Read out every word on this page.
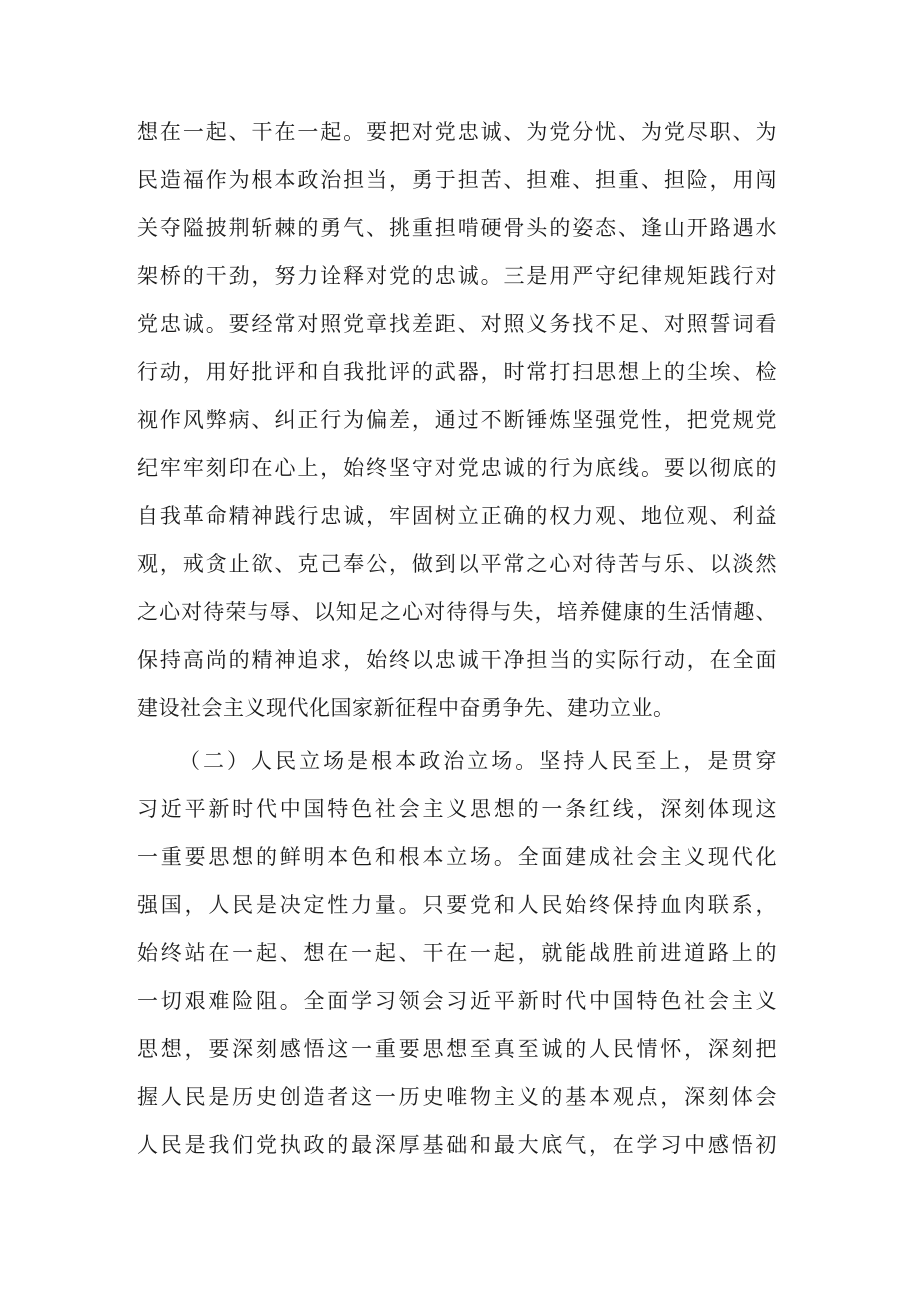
想在一起、干在一起。要把对党忠诚、为党分忧、为党尽职、为
民造福作为根本政治担当，勇于担苦、担难、担重、担险，用闯
关夺隘披荆斩棘的勇气、挑重担啃硬骨头的姿态、逢山开路遇水
架桥的干劲，努力诠释对党的忠诚。三是用严守纪律规矩践行对
党忠诚。要经常对照党章找差距、对照义务找不足、对照誓词看
行动，用好批评和自我批评的武器，时常打扫思想上的尘埃、检
视作风弊病、纠正行为偏差，通过不断锤炼坚强党性，把党规党
纪牢牢刻印在心上，始终坚守对党忠诚的行为底线。要以彻底的
自我革命精神践行忠诚，牢固树立正确的权力观、地位观、利益
观，戒贪止欲、克己奉公，做到以平常之心对待苦与乐、以淡然
之心对待荣与辱、以知足之心对待得与失，培养健康的生活情趣、
保持高尚的精神追求，始终以忠诚干净担当的实际行动，在全面
建设社会主义现代化国家新征程中奋勇争先、建功立业。
（二）人民立场是根本政治立场。坚持人民至上，是贯穿
习近平新时代中国特色社会主义思想的一条红线，深刻体现这
一重要思想的鲜明本色和根本立场。全面建成社会主义现代化
强国，人民是决定性力量。只要党和人民始终保持血肉联系，
始终站在一起、想在一起、干在一起，就能战胜前进道路上的
一切艰难险阻。全面学习领会习近平新时代中国特色社会主义
思想，要深刻感悟这一重要思想至真至诚的人民情怀，深刻把
握人民是历史创造者这一历史唯物主义的基本观点，深刻体会
人民是我们党执政的最深厚基础和最大底气，在学习中感悟初
